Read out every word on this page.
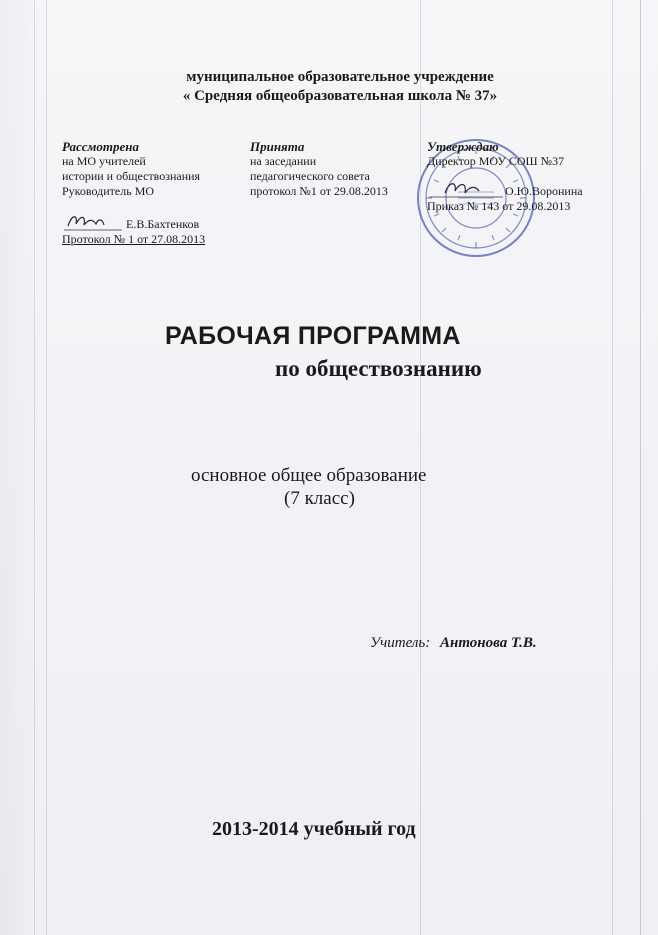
муниципальное образовательное учреждение
« Средняя общеобразовательная школа № 37»
Рассмотрена
на МО учителей
истории и обществознания
Руководитель МО
Е.В.Бахтенков
Протокол № 1 от 27.08.2013
Принята
на заседании
педагогического совета
протокол №1 от 29.08.2013
Утверждаю
Директор МОУ СОШ №37
О.Ю.Воронина
Приказ № 143 от 29.08.2013
РАБОЧАЯ ПРОГРАММА
по обществознанию
основное общее образование
(7 класс)
Учитель: Антонова Т.В.
2013-2014 учебный год
